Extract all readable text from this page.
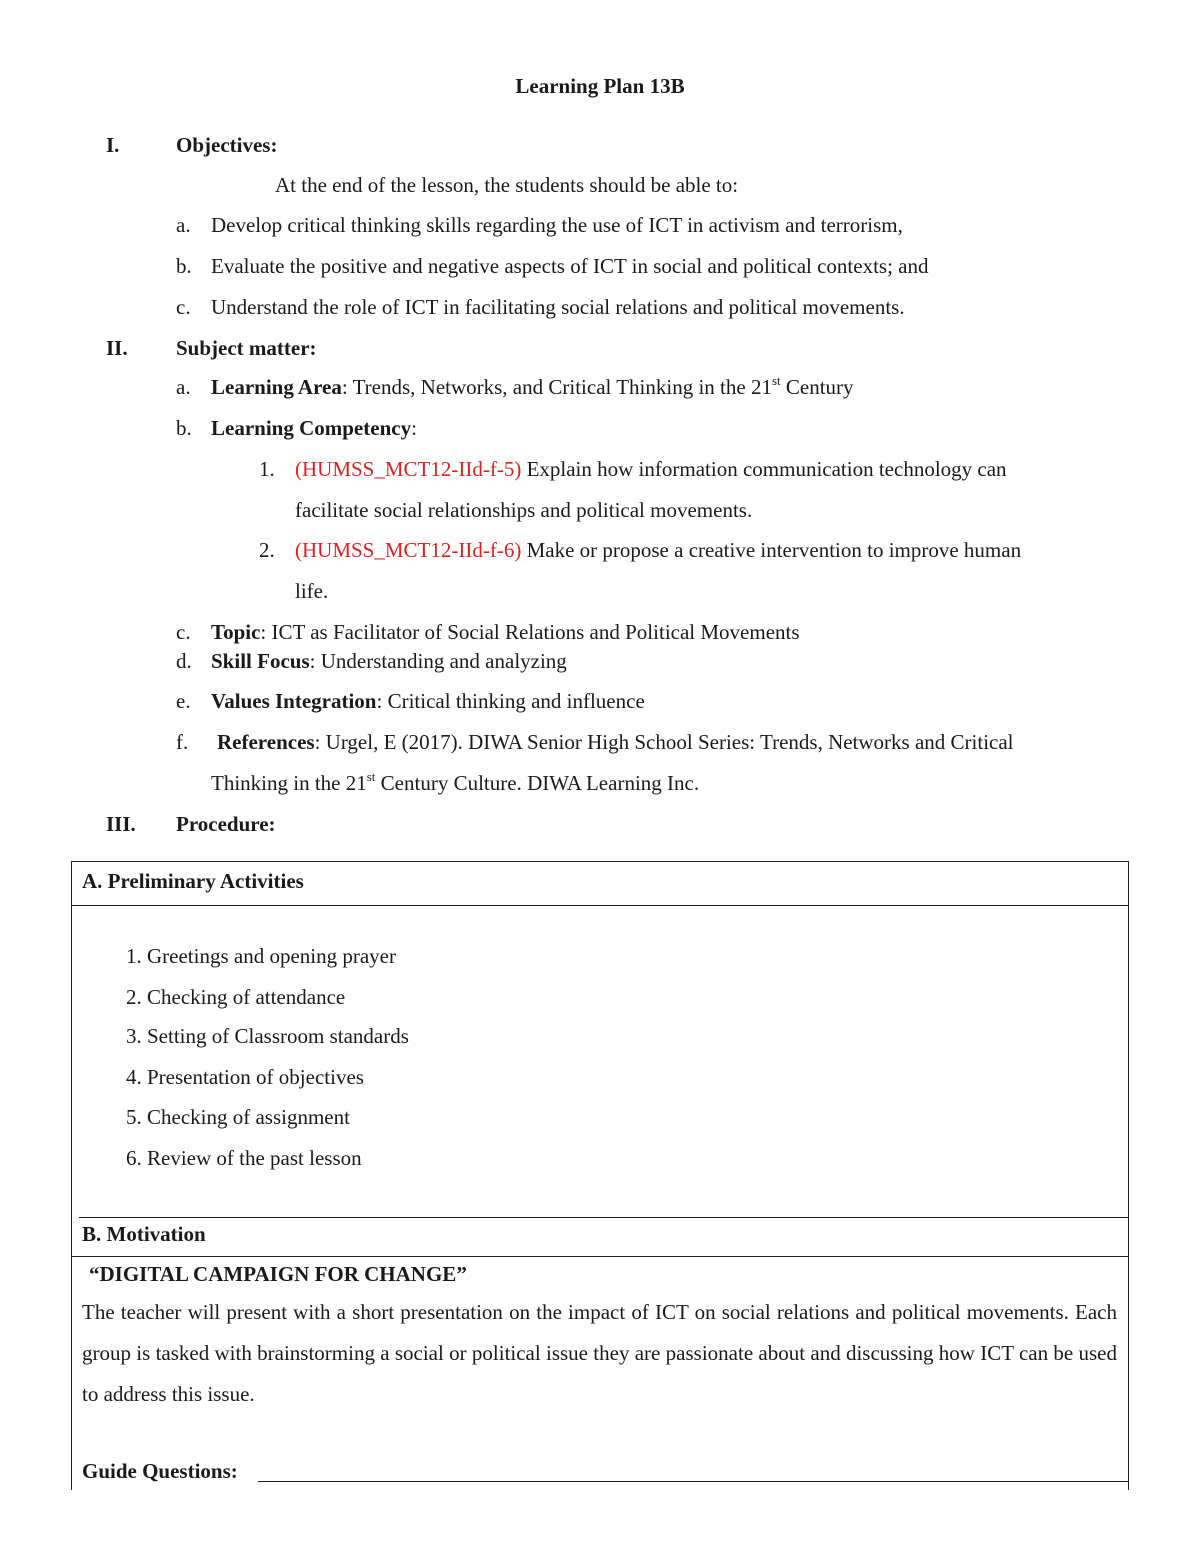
Learning Plan 13B
I.	Objectives:
At the end of the lesson, the students should be able to:
a. Develop critical thinking skills regarding the use of ICT in activism and terrorism,
b. Evaluate the positive and negative aspects of ICT in social and political contexts; and
c. Understand the role of ICT in facilitating social relations and political movements.
II. Subject matter:
a. Learning Area: Trends, Networks, and Critical Thinking in the 21st Century
b. Learning Competency:
1. (HUMSS_MCT12-IId-f-5) Explain how information communication technology can
facilitate social relationships and political movements.
2. (HUMSS_MCT12-IId-f-6) Make or propose a creative intervention to improve human
life.
c. Topic: ICT as Facilitator of Social Relations and Political Movements
d. Skill Focus: Understanding and analyzing
e. Values Integration: Critical thinking and influence
f. References: Urgel, E (2017). DIWA Senior High School Series: Trends, Networks and Critical
Thinking in the 21st Century Culture. DIWA Learning Inc.
III. Procedure:
A. Preliminary Activities
1. Greetings and opening prayer
2. Checking of attendance
3. Setting of Classroom standards
4. Presentation of objectives
5. Checking of assignment
6. Review of the past lesson
B. Motivation
“DIGITAL CAMPAIGN FOR CHANGE”
The teacher will present with a short presentation on the impact of ICT on social relations and political movements. Each group is tasked with brainstorming a social or political issue they are passionate about and discussing how ICT can be used to address this issue.
Guide Questions:
